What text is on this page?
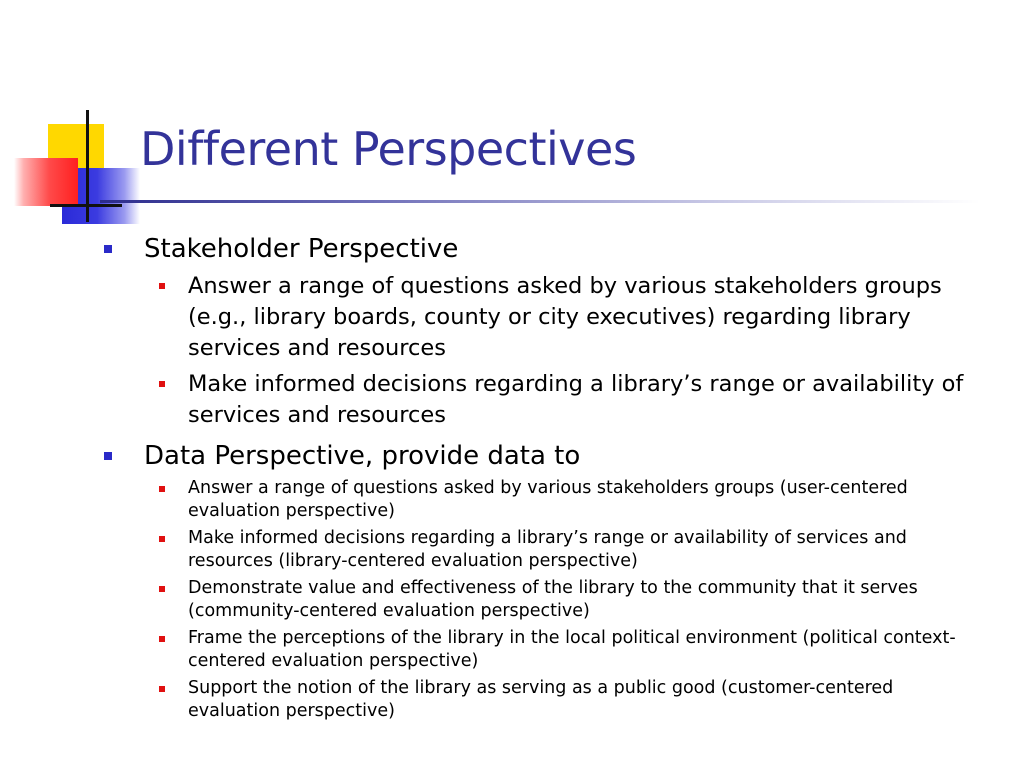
Different Perspectives
Stakeholder Perspective
Answer a range of questions asked by various stakeholders groups (e.g., library boards, county or city executives) regarding library services and resources
Make informed decisions regarding a library’s range or availability of services and resources
Data Perspective, provide data to
Answer a range of questions asked by various stakeholders groups (user-centered evaluation perspective)
Make informed decisions regarding a library’s range or availability of services and resources (library-centered evaluation perspective)
Demonstrate value and effectiveness of the library to the community that it serves (community-centered evaluation perspective)
Frame the perceptions of the library in the local political environment (political context-centered evaluation perspective)
Support the notion of the library as serving as a public good (customer-centered evaluation perspective)
